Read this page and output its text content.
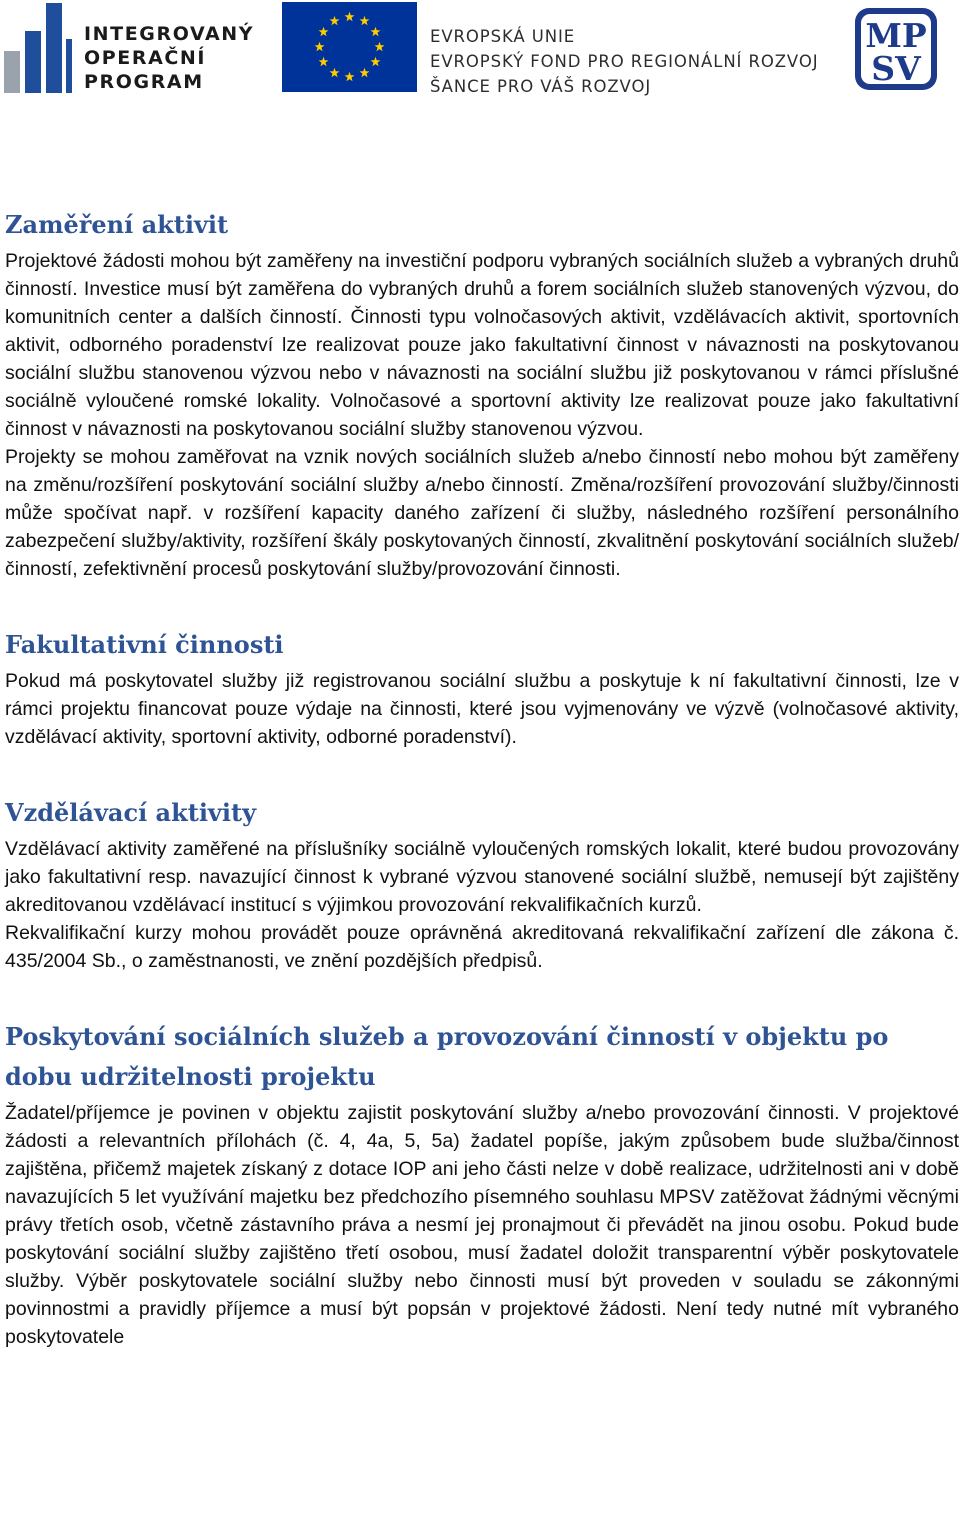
INTEGROVANÝ
OPERAČNÍ
PROGRAM
EVROPSKÁ UNIE
EVROPSKÝ FOND PRO REGIONÁLNÍ ROZVOJ
ŠANCE PRO VÁŠ ROZVOJ
MP
SV
Zaměření aktivit

Projektové žádosti mohou být zaměřeny na investiční podporu vybraných sociálních služeb a vybraných druhů činností. Investice musí být zaměřena do vybraných druhů a forem sociálních služeb stanovených výzvou, do komunitních center a dalších činností. Činnosti typu volnočasových aktivit, vzdělávacích aktivit, sportovních aktivit, odborného poradenství lze realizovat pouze jako fakultativní činnost v návaznosti na poskytovanou sociální službu stanovenou výzvou nebo v návaznosti na sociální službu již poskytovanou v rámci příslušné sociálně vyloučené romské lokality. Volnočasové a sportovní aktivity lze realizovat pouze jako fakultativní činnost v návaznosti na poskytovanou sociální služby stanovenou výzvou.

Projekty se mohou zaměřovat na vznik nových sociálních služeb a/nebo činností nebo mohou být zaměřeny na změnu/rozšíření poskytování sociální služby a/nebo činností. Změna/rozšíření provozování služby/činnosti může spočívat např. v rozšíření kapacity daného zařízení či služby, následného rozšíření personálního zabezpečení služby/aktivity, rozšíření škály poskytovaných činností, zkvalitnění poskytování sociálních služeb/činností, zefektivnění procesů poskytování služby/provozování činnosti.

Fakultativní činnosti

Pokud má poskytovatel služby již registrovanou sociální službu a poskytuje k ní fakultativní činnosti, lze v rámci projektu financovat pouze výdaje na činnosti, které jsou vyjmenovány ve výzvě (volnočasové aktivity, vzdělávací aktivity, sportovní aktivity, odborné poradenství).

Vzdělávací aktivity

Vzdělávací aktivity zaměřené na příslušníky sociálně vyloučených romských lokalit, které budou provozovány jako fakultativní resp. navazující činnost k vybrané výzvou stanovené sociální službě, nemusejí být zajištěny akreditovanou vzdělávací institucí s výjimkou provozování rekvalifikačních kurzů.

Rekvalifikační kurzy mohou provádět pouze oprávněná akreditovaná rekvalifikační zařízení dle zákona č. 435/2004 Sb., o zaměstnanosti, ve znění pozdějších předpisů.

Poskytování sociálních služeb a provozování činností v objektu po dobu udržitelnosti projektu

Žadatel/příjemce je povinen v objektu zajistit poskytování služby a/nebo provozování činnosti. V projektové žádosti a relevantních přílohách (č. 4, 4a, 5, 5a) žadatel popíše, jakým způsobem bude služba/činnost zajištěna, přičemž majetek získaný z dotace IOP ani jeho části nelze v době realizace, udržitelnosti ani v době navazujících 5 let využívání majetku bez předchozího písemného souhlasu MPSV zatěžovat žádnými věcnými právy třetích osob, včetně zástavního práva a nesmí jej pronajmout či převádět na jinou osobu. Pokud bude poskytování sociální služby zajištěno třetí osobou, musí žadatel doložit transparentní výběr poskytovatele služby. Výběr poskytovatele sociální služby nebo činnosti musí být proveden v souladu se zákonnými povinnostmi a pravidly příjemce a musí být popsán v projektové žádosti. Není tedy nutné mít vybraného poskytovatele
